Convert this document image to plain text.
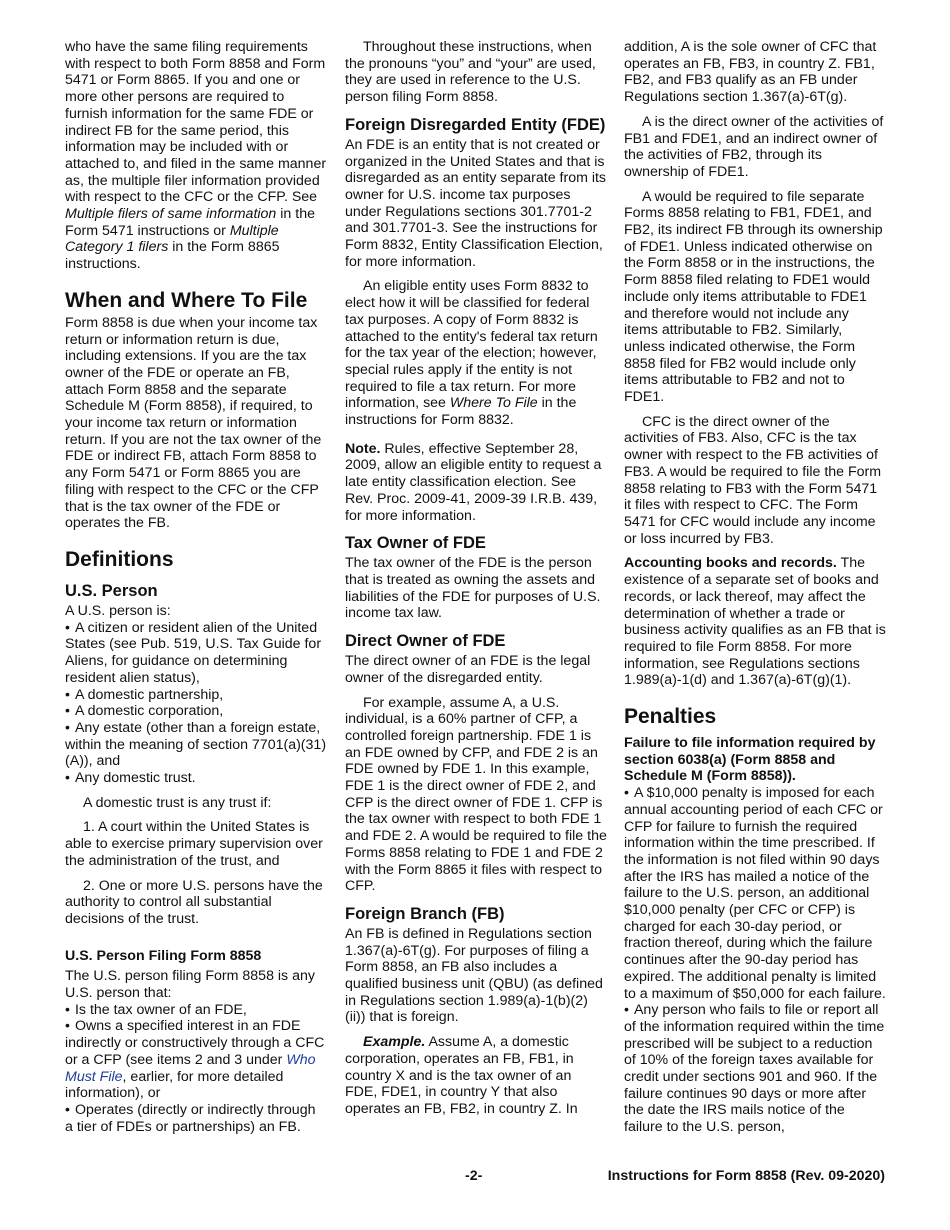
who have the same filing requirements with respect to both Form 8858 and Form 5471 or Form 8865. If you and one or more other persons are required to furnish information for the same FDE or indirect FB for the same period, this information may be included with or attached to, and filed in the same manner as, the multiple filer information provided with respect to the CFC or the CFP. See Multiple filers of same information in the Form 5471 instructions or Multiple Category 1 filers in the Form 8865 instructions.

When and Where To File

Form 8858 is due when your income tax return or information return is due, including extensions. If you are the tax owner of the FDE or operate an FB, attach Form 8858 and the separate Schedule M (Form 8858), if required, to your income tax return or information return. If you are not the tax owner of the FDE or indirect FB, attach Form 8858 to any Form 5471 or Form 8865 you are filing with respect to the CFC or the CFP that is the tax owner of the FDE or operates the FB.

Definitions
U.S. Person

A U.S. person is:

• A citizen or resident alien of the United States (see Pub. 519, U.S. Tax Guide for Aliens, for guidance on determining resident alien status),
• A domestic partnership,
• A domestic corporation,
• Any estate (other than a foreign estate, within the meaning of section 7701(a)(31)(A)), and
• Any domestic trust.

A domestic trust is any trust if:

1. A court within the United States is able to exercise primary supervision over the administration of the trust, and

2. One or more U.S. persons have the authority to control all substantial decisions of the trust.

U.S. Person Filing Form 8858

The U.S. person filing Form 8858 is any U.S. person that:

• Is the tax owner of an FDE,
• Owns a specified interest in an FDE indirectly or constructively through a CFC or a CFP (see items 2 and 3 under Who Must File, earlier, for more detailed information), or
• Operates (directly or indirectly through a tier of FDEs or partnerships) an FB.

Throughout these instructions, when the pronouns “you” and “your” are used, they are used in reference to the U.S. person filing Form 8858.

Foreign Disregarded Entity (FDE)

An FDE is an entity that is not created or organized in the United States and that is disregarded as an entity separate from its owner for U.S. income tax purposes under Regulations sections 301.7701-2 and 301.7701-3. See the instructions for Form 8832, Entity Classification Election, for more information.

An eligible entity uses Form 8832 to elect how it will be classified for federal tax purposes. A copy of Form 8832 is attached to the entity's federal tax return for the tax year of the election; however, special rules apply if the entity is not required to file a tax return. For more information, see Where To File in the instructions for Form 8832.

Note. Rules, effective September 28, 2009, allow an eligible entity to request a late entity classification election. See Rev. Proc. 2009-41, 2009-39 I.R.B. 439, for more information.

Tax Owner of FDE

The tax owner of the FDE is the person that is treated as owning the assets and liabilities of the FDE for purposes of U.S. income tax law.

Direct Owner of FDE

The direct owner of an FDE is the legal owner of the disregarded entity.

For example, assume A, a U.S. individual, is a 60% partner of CFP, a controlled foreign partnership. FDE 1 is an FDE owned by CFP, and FDE 2 is an FDE owned by FDE 1. In this example, FDE 1 is the direct owner of FDE 2, and CFP is the direct owner of FDE 1. CFP is the tax owner with respect to both FDE 1 and FDE 2. A would be required to file the Forms 8858 relating to FDE 1 and FDE 2 with the Form 8865 it files with respect to CFP.

Foreign Branch (FB)

An FB is defined in Regulations section 1.367(a)-6T(g). For purposes of filing a Form 8858, an FB also includes a qualified business unit (QBU) (as defined in Regulations section 1.989(a)-1(b)(2)(ii)) that is foreign.

Example. Assume A, a domestic corporation, operates an FB, FB1, in country X and is the tax owner of an FDE, FDE1, in country Y that also operates an FB, FB2, in country Z. In

addition, A is the sole owner of CFC that operates an FB, FB3, in country Z. FB1, FB2, and FB3 qualify as an FB under Regulations section 1.367(a)-6T(g).

A is the direct owner of the activities of FB1 and FDE1, and an indirect owner of the activities of FB2, through its ownership of FDE1.

A would be required to file separate Forms 8858 relating to FB1, FDE1, and FB2, its indirect FB through its ownership of FDE1. Unless indicated otherwise on the Form 8858 or in the instructions, the Form 8858 filed relating to FDE1 would include only items attributable to FDE1 and therefore would not include any items attributable to FB2. Similarly, unless indicated otherwise, the Form 8858 filed for FB2 would include only items attributable to FB2 and not to FDE1.

CFC is the direct owner of the activities of FB3. Also, CFC is the tax owner with respect to the FB activities of FB3. A would be required to file the Form 8858 relating to FB3 with the Form 5471 it files with respect to CFC. The Form 5471 for CFC would include any income or loss incurred by FB3.

Accounting books and records. The existence of a separate set of books and records, or lack thereof, may affect the determination of whether a trade or business activity qualifies as an FB that is required to file Form 8858. For more information, see Regulations sections 1.989(a)-1(d) and 1.367(a)-6T(g)(1).

Penalties
Failure to file information required by section 6038(a) (Form 8858 and Schedule M (Form 8858)).
• A $10,000 penalty is imposed for each annual accounting period of each CFC or CFP for failure to furnish the required information within the time prescribed. If the information is not filed within 90 days after the IRS has mailed a notice of the failure to the U.S. person, an additional $10,000 penalty (per CFC or CFP) is charged for each 30-day period, or fraction thereof, during which the failure continues after the 90-day period has expired. The additional penalty is limited to a maximum of $50,000 for each failure.
• Any person who fails to file or report all of the information required within the time prescribed will be subject to a reduction of 10% of the foreign taxes available for credit under sections 901 and 960. If the failure continues 90 days or more after the date the IRS mails notice of the failure to the U.S. person,
-2-	Instructions for Form 8858 (Rev. 09-2020)
